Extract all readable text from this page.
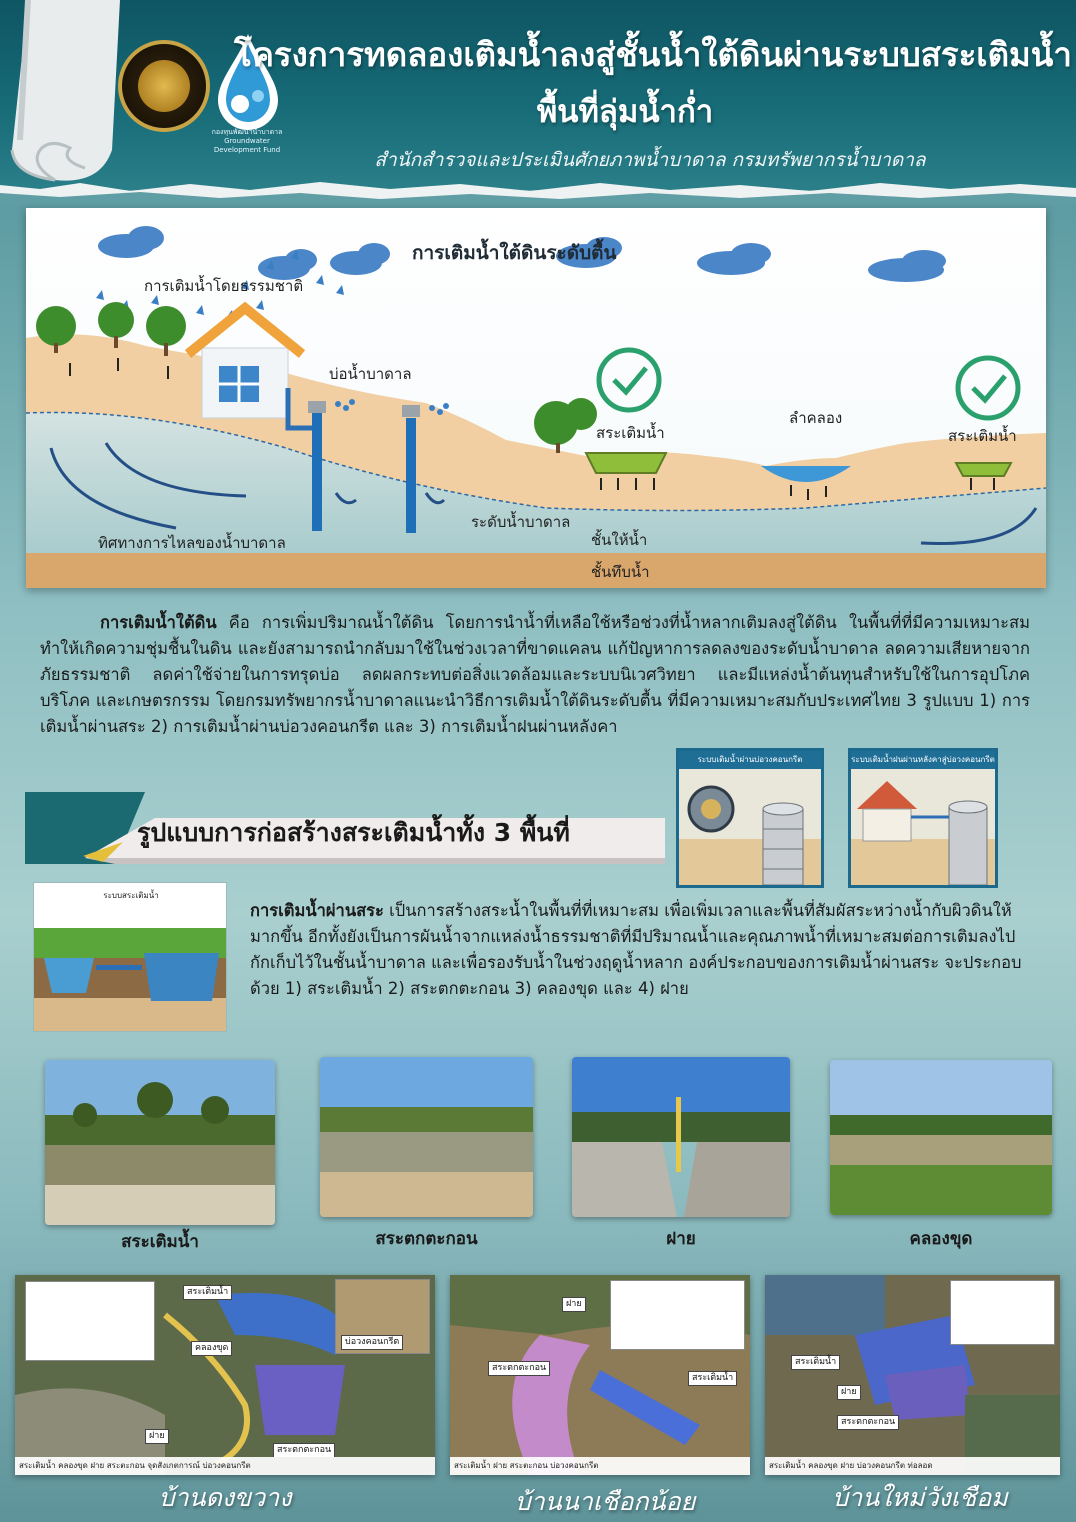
กองทุนพัฒนาน้ำบาดาล Groundwater Development Fund
โครงการทดลองเติมน้ำลงสู่ชั้นน้ำใต้ดินผ่านระบบสระเติมน้ำ
พื้นที่ลุ่มน้ำก่ำ
สำนักสำรวจและประเมินศักยภาพน้ำบาดาล กรมทรัพยากรน้ำบาดาล
การเติมน้ำใต้ดินระดับตื้น
การเติมน้ำโดยธรรมชาติ
บ่อน้ำบาดาล
สระเติมน้ำ
ลำคลอง
สระเติมน้ำ
ระดับน้ำบาดาล
ทิศทางการไหลของน้ำบาดาล	ชั้นให้น้ำ
ชั้นทึบน้ำ

การเติมน้ำใต้ดิน คือ การเพิ่มปริมาณน้ำใต้ดิน โดยการนำน้ำที่เหลือใช้หรือช่วงที่น้ำหลากเติมลงสู่ใต้ดิน ในพื้นที่ที่มีความเหมาะสม ทำให้เกิดความชุ่มชื้นในดิน และยังสามารถนำกลับมาใช้ในช่วงเวลาที่ขาดแคลน แก้ปัญหาการลดลงของระดับน้ำบาดาล ลดความเสียหายจากภัยธรรมชาติ ลดค่าใช้จ่ายในการทรุดบ่อ ลดผลกระทบต่อสิ่งแวดล้อมและระบบนิเวศวิทยา และมีแหล่งน้ำต้นทุนสำหรับใช้ในการอุปโภค บริโภค และเกษตรกรรม โดยกรมทรัพยากรน้ำบาดาลแนะนำวิธีการเติมน้ำใต้ดินระดับตื้น ที่มีความเหมาะสมกับประเทศไทย 3 รูปแบบ 1) การเติมน้ำผ่านสระ 2) การเติมน้ำผ่านบ่อวงคอนกรีต และ 3) การเติมน้ำฝนผ่านหลังคา

ระบบเติมน้ำผ่านบ่อวงคอนกรีต	ระบบเติมน้ำฝนผ่านหลังคาสู่บ่อวงคอนกรีต
รูปแบบการก่อสร้างสระเติมน้ำทั้ง 3 พื้นที่
ระบบสระเติมน้ำ

การเติมน้ำผ่านสระ เป็นการสร้างสระน้ำในพื้นที่ที่เหมาะสม เพื่อเพิ่มเวลาและพื้นที่สัมผัสระหว่างน้ำกับผิวดินให้มากขึ้น อีกทั้งยังเป็นการผันน้ำจากแหล่งน้ำธรรมชาติที่มีปริมาณน้ำและคุณภาพน้ำที่เหมาะสมต่อการเติมลงไปกักเก็บไว้ในชั้นน้ำบาดาล และเพื่อรองรับน้ำในช่วงฤดูน้ำหลาก องค์ประกอบของการเติมน้ำผ่านสระ จะประกอบด้วย 1) สระเติมน้ำ 2) สระตกตะกอน 3) คลองขุด และ 4) ฝาย

สระเติมน้ำ	สระตกตะกอน	ฝาย	คลองขุด
สระเติมน้ำ
คลองขุด
ฝาย
สระตกตะกอน
บ่อวงคอนกรีต
สระเติมน้ำ คลองขุด ฝาย สระตะกอน จุดสังเกตการณ์ บ่อวงคอนกรีต
บ้านดงขวาง
ฝาย
สระตกตะกอน
สระเติมน้ำ
สระเติมน้ำ ฝาย สระตะกอน บ่อวงคอนกรีต
บ้านนาเชือกน้อย
สระเติมน้ำ
ฝาย
สระตกตะกอน
สระเติมน้ำ คลองขุด ฝาย บ่อวงคอนกรีต ท่อลอด
บ้านใหม่วังเชือม
